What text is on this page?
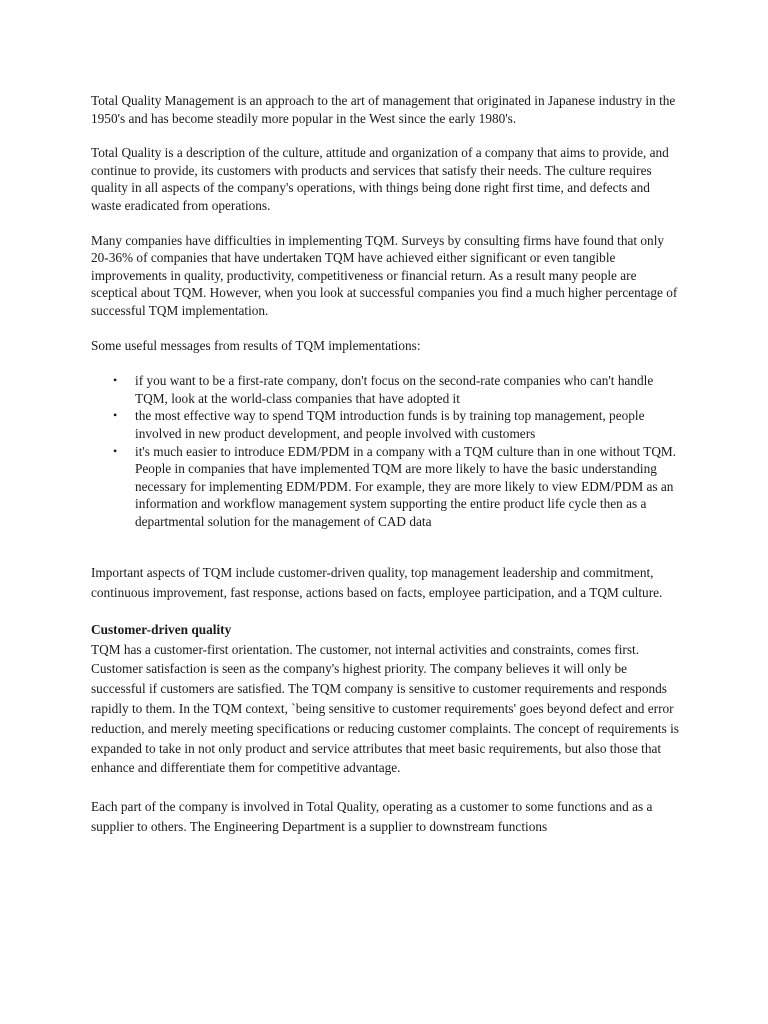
Total Quality Management is an approach to the art of management that originated in Japanese industry in the 1950's and has become steadily more popular in the West since the early 1980's.

Total Quality is a description of the culture, attitude and organization of a company that aims to provide, and continue to provide, its customers with products and services that satisfy their needs. The culture requires quality in all aspects of the company's operations, with things being done right first time, and defects and waste eradicated from operations.

Many companies have difficulties in implementing TQM. Surveys by consulting firms have found that only 20-36% of companies that have undertaken TQM have achieved either significant or even tangible improvements in quality, productivity, competitiveness or financial return. As a result many people are sceptical about TQM. However, when you look at successful companies you find a much higher percentage of successful TQM implementation.

Some useful messages from results of TQM implementations:

• if you want to be a first-rate company, don't focus on the second-rate companies who can't handle TQM, look at the world-class companies that have adopted it
• the most effective way to spend TQM introduction funds is by training top management, people involved in new product development, and people involved with customers
• it's much easier to introduce EDM/PDM in a company with a TQM culture than in one without TQM. People in companies that have implemented TQM are more likely to have the basic understanding necessary for implementing EDM/PDM. For example, they are more likely to view EDM/PDM as an information and workflow management system supporting the entire product life cycle then as a departmental solution for the management of CAD data

Important aspects of TQM include customer-driven quality, top management leadership and commitment, continuous improvement, fast response, actions based on facts, employee participation, and a TQM culture.

Customer-driven quality

TQM has a customer-first orientation. The customer, not internal activities and constraints, comes first. Customer satisfaction is seen as the company's highest priority. The company believes it will only be successful if customers are satisfied. The TQM company is sensitive to customer requirements and responds rapidly to them. In the TQM context, `being sensitive to customer requirements' goes beyond defect and error reduction, and merely meeting specifications or reducing customer complaints. The concept of requirements is expanded to take in not only product and service attributes that meet basic requirements, but also those that enhance and differentiate them for competitive advantage.

Each part of the company is involved in Total Quality, operating as a customer to some functions and as a supplier to others. The Engineering Department is a supplier to downstream functions
